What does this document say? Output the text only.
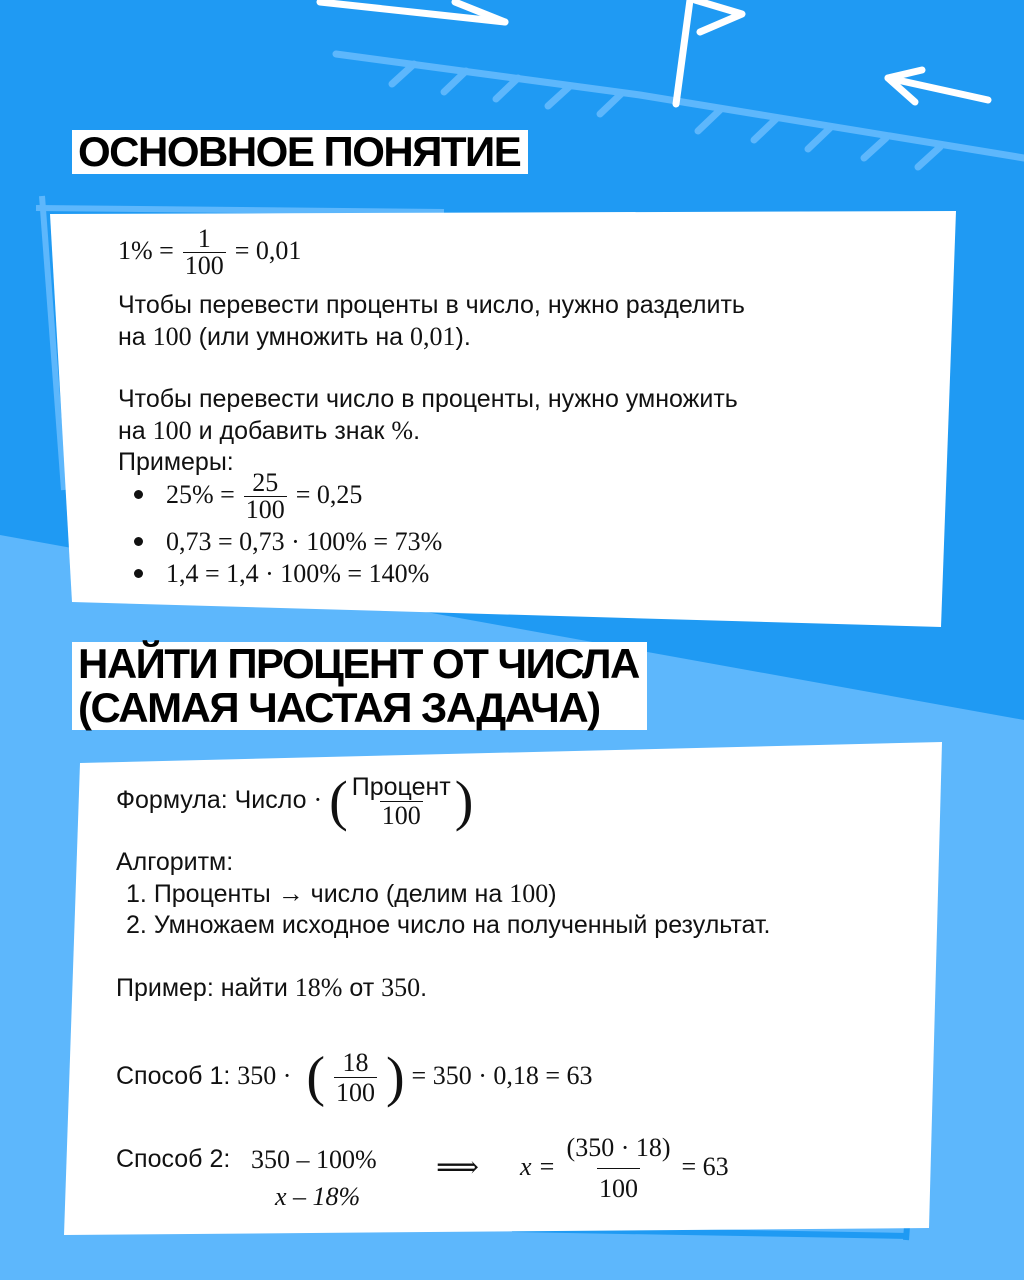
ОСНОВНОЕ ПОНЯТИЕ
$1\% = \frac{1}{100} = 0,01$
Чтобы перевести проценты в число, нужно разделить
на 100 (или умножить на 0,01).
Чтобы перевести число в проценты, нужно умножить
на 100 и добавить знак %.
Примеры:
$25\% = \frac{25}{100} = 0,25$
0,73 = 0,73 · 100% = 73%
1,4 = 1,4 · 100% = 140%
НАЙТИ ПРОЦЕНТ ОТ ЧИСЛА
(САМАЯ ЧАСТАЯ ЗАДАЧА)
Формула: Число · ( $\frac{\text{Процент}}{100}$ )
Алгоритм:
1. Проценты → число (делим на 100)
2. Умножаем исходное число на полученный результат.
Пример: найти 18% от 350.
Способ 1: 350 · ( $\frac{18}{100}$ ) = 350 · 0,18 = 63
Способ 2: 350 – 100%
x – 18%
⟹ $x = \frac{(350 \cdot 18)}{100} = 63$
